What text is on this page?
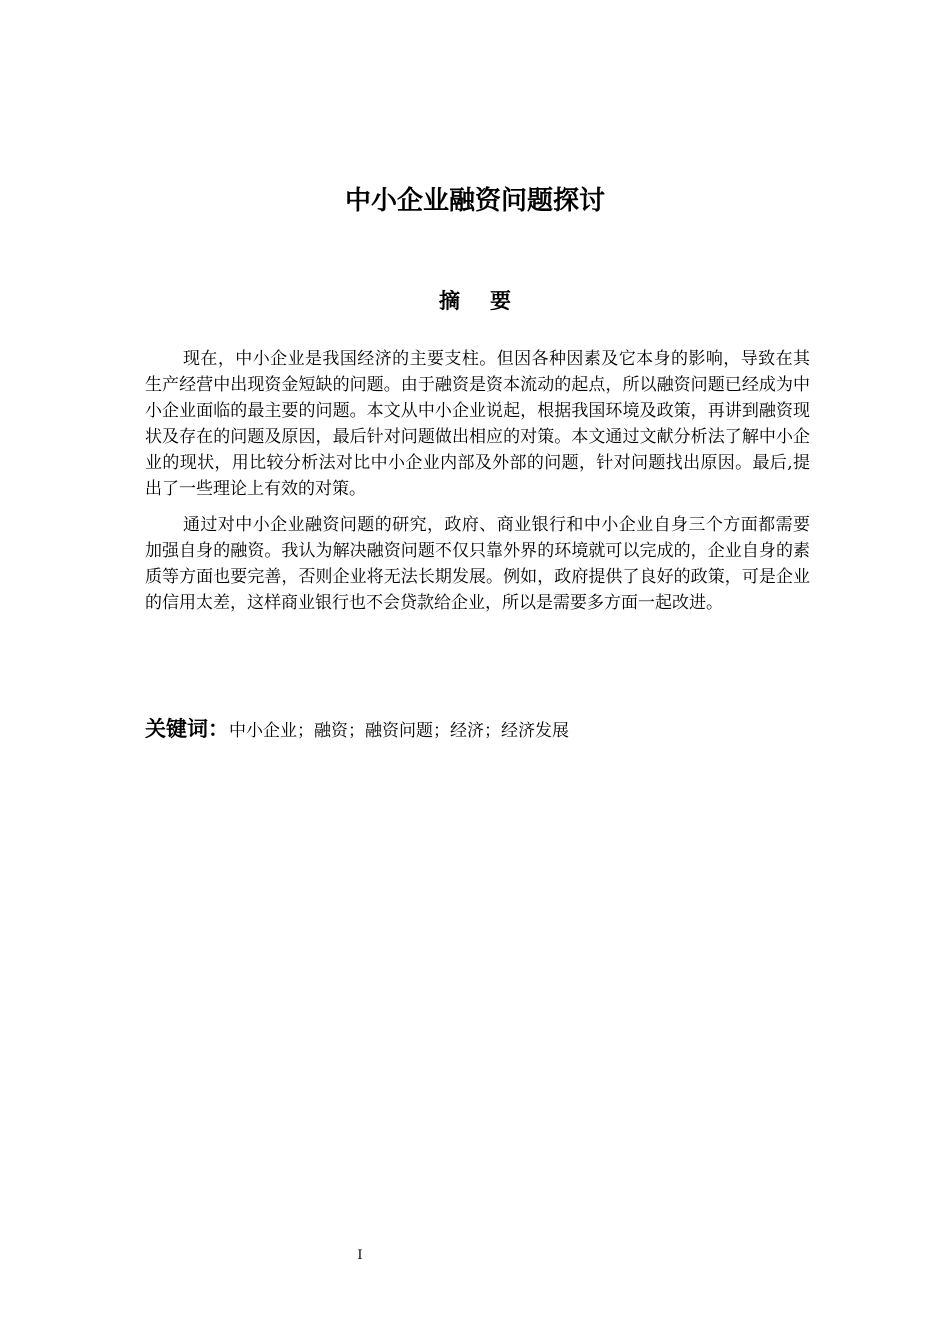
中小企业融资问题探讨
摘要

现在，中小企业是我国经济的主要支柱。但因各种因素及它本身的影响，导致在其生产经营中出现资金短缺的问题。由于融资是资本流动的起点，所以融资问题已经成为中小企业面临的最主要的问题。本文从中小企业说起，根据我国环境及政策，再讲到融资现状及存在的问题及原因，最后针对问题做出相应的对策。本文通过文献分析法了解中小企业的现状，用比较分析法对比中小企业内部及外部的问题，针对问题找出原因。最后,提出了一些理论上有效的对策。

通过对中小企业融资问题的研究，政府、商业银行和中小企业自身三个方面都需要加强自身的融资。我认为解决融资问题不仅只靠外界的环境就可以完成的，企业自身的素质等方面也要完善，否则企业将无法长期发展。例如，政府提供了良好的政策，可是企业的信用太差，这样商业银行也不会贷款给企业，所以是需要多方面一起改进。

关键词：中小企业；融资；融资问题；经济；经济发展
I
